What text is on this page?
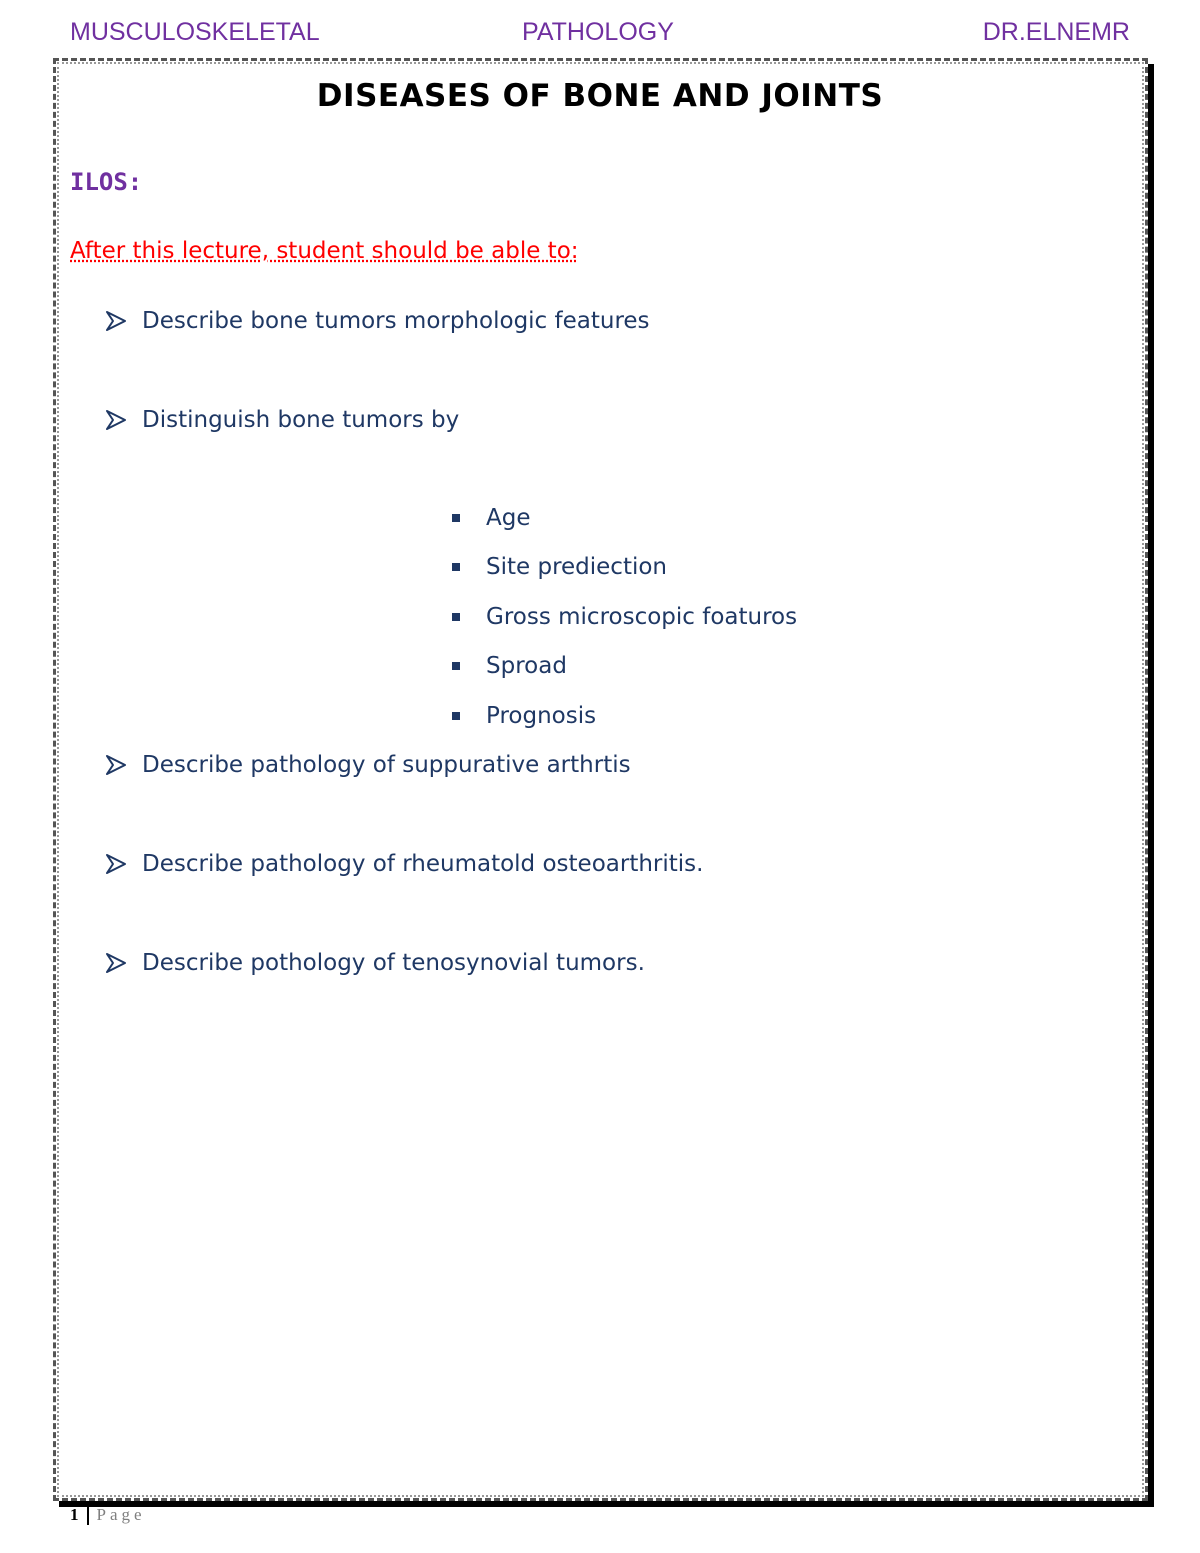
MUSCULOSKELETAL	PATHOLOGY	DR.ELNEMR
DISEASES OF BONE AND JOINTS
ILOS:
After this lecture, student should be able to:
Describe bone tumors morphologic features
Distinguish bone tumors by
Age
Site prediection
Gross microscopic foaturos
Sproad
Prognosis
Describe pathology of suppurative arthrtis
Describe pathology of rheumatold osteoarthritis.
Describe pothology of tenosynovial tumors.
1 Page
